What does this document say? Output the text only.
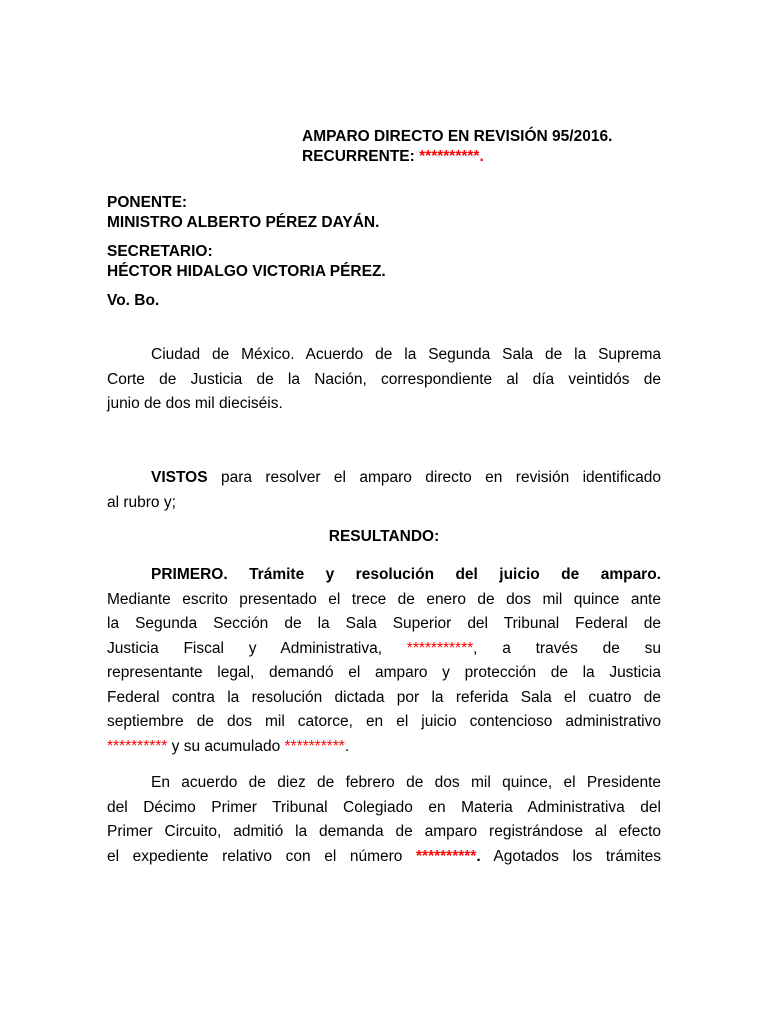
AMPARO DIRECTO EN REVISIÓN 95/2016.
RECURRENTE: **********.
PONENTE:
MINISTRO ALBERTO PÉREZ DAYÁN.
SECRETARIO:
HÉCTOR HIDALGO VICTORIA PÉREZ.
Vo. Bo.
Ciudad de México. Acuerdo de la Segunda Sala de la Suprema
Corte de Justicia de la Nación, correspondiente al día veintidós de
junio de dos mil dieciséis.
VISTOS para resolver el amparo directo en revisión identificado
al rubro y;
RESULTANDO:
PRIMERO. Trámite y resolución del juicio de amparo.
Mediante escrito presentado el trece de enero de dos mil quince ante
la Segunda Sección de la Sala Superior del Tribunal Federal de
Justicia Fiscal y Administrativa, ***********, a través de su
representante legal, demandó el amparo y protección de la Justicia
Federal contra la resolución dictada por la referida Sala el cuatro de
septiembre de dos mil catorce, en el juicio contencioso administrativo
********** y su acumulado **********.
En acuerdo de diez de febrero de dos mil quince, el Presidente
del Décimo Primer Tribunal Colegiado en Materia Administrativa del
Primer Circuito, admitió la demanda de amparo registrándose al efecto
el expediente relativo con el número **********. Agotados los trámites
